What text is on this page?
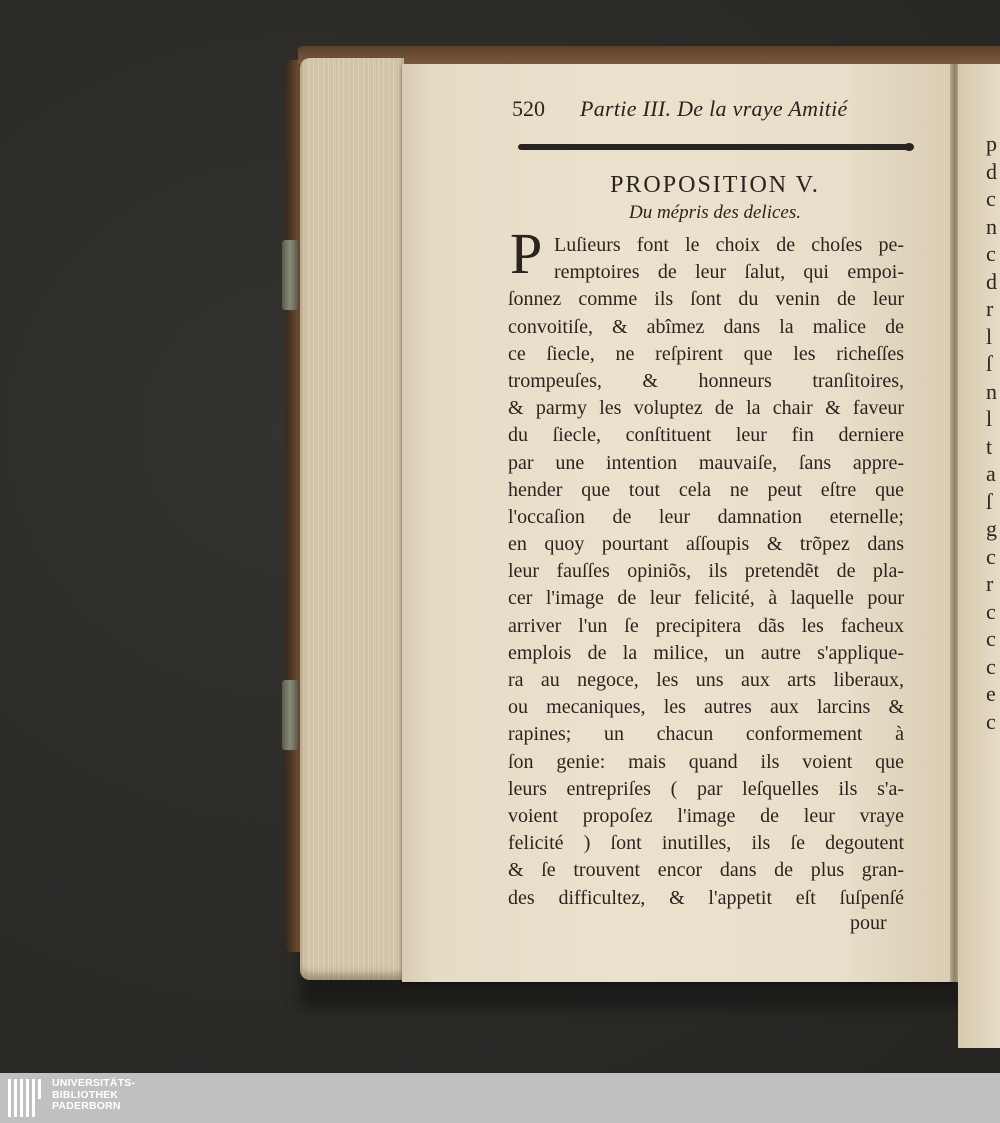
p
d
c
n
c
d
r
l
ſ
n
l
t
a
ſ
g
c
r
c
c
c
e
c
520 Partie III. De la vraye Amitié
PROPOSITION V.
Du mépris des delices.
P Luſieurs font le choix de choſes pe-
remptoires de leur ſalut, qui empoi-
ſonnez comme ils ſont du venin de leur
convoitiſe, & abîmez dans la malice de
ce ſiecle, ne reſpirent que les richeſſes
trompeuſes, & honneurs tranſitoires,
& parmy les voluptez de la chair & faveur
du ſiecle, conſtituent leur fin derniere
par une intention mauvaiſe, ſans appre-
hender que tout cela ne peut eſtre que
l'occaſion de leur damnation eternelle;
en quoy pourtant aſſoupis & trõpez dans
leur fauſſes opiniõs, ils pretendẽt de pla-
cer l'image de leur felicité, à laquelle pour
arriver l'un ſe precipitera dãs les facheux
emplois de la milice, un autre s'applique-
ra au negoce, les uns aux arts liberaux,
ou mecaniques, les autres aux larcins &
rapines; un chacun conformement à
ſon genie: mais quand ils voient que
leurs entrepriſes ( par leſquelles ils s'a-
voient propoſez l'image de leur vraye
felicité ) ſont inutilles, ils ſe degoutent
& ſe trouvent encor dans de plus gran-
des difficultez, & l'appetit eſt ſuſpenſé
pour
UNIVERSITÄTS-
BIBLIOTHEK
PADERBORN
